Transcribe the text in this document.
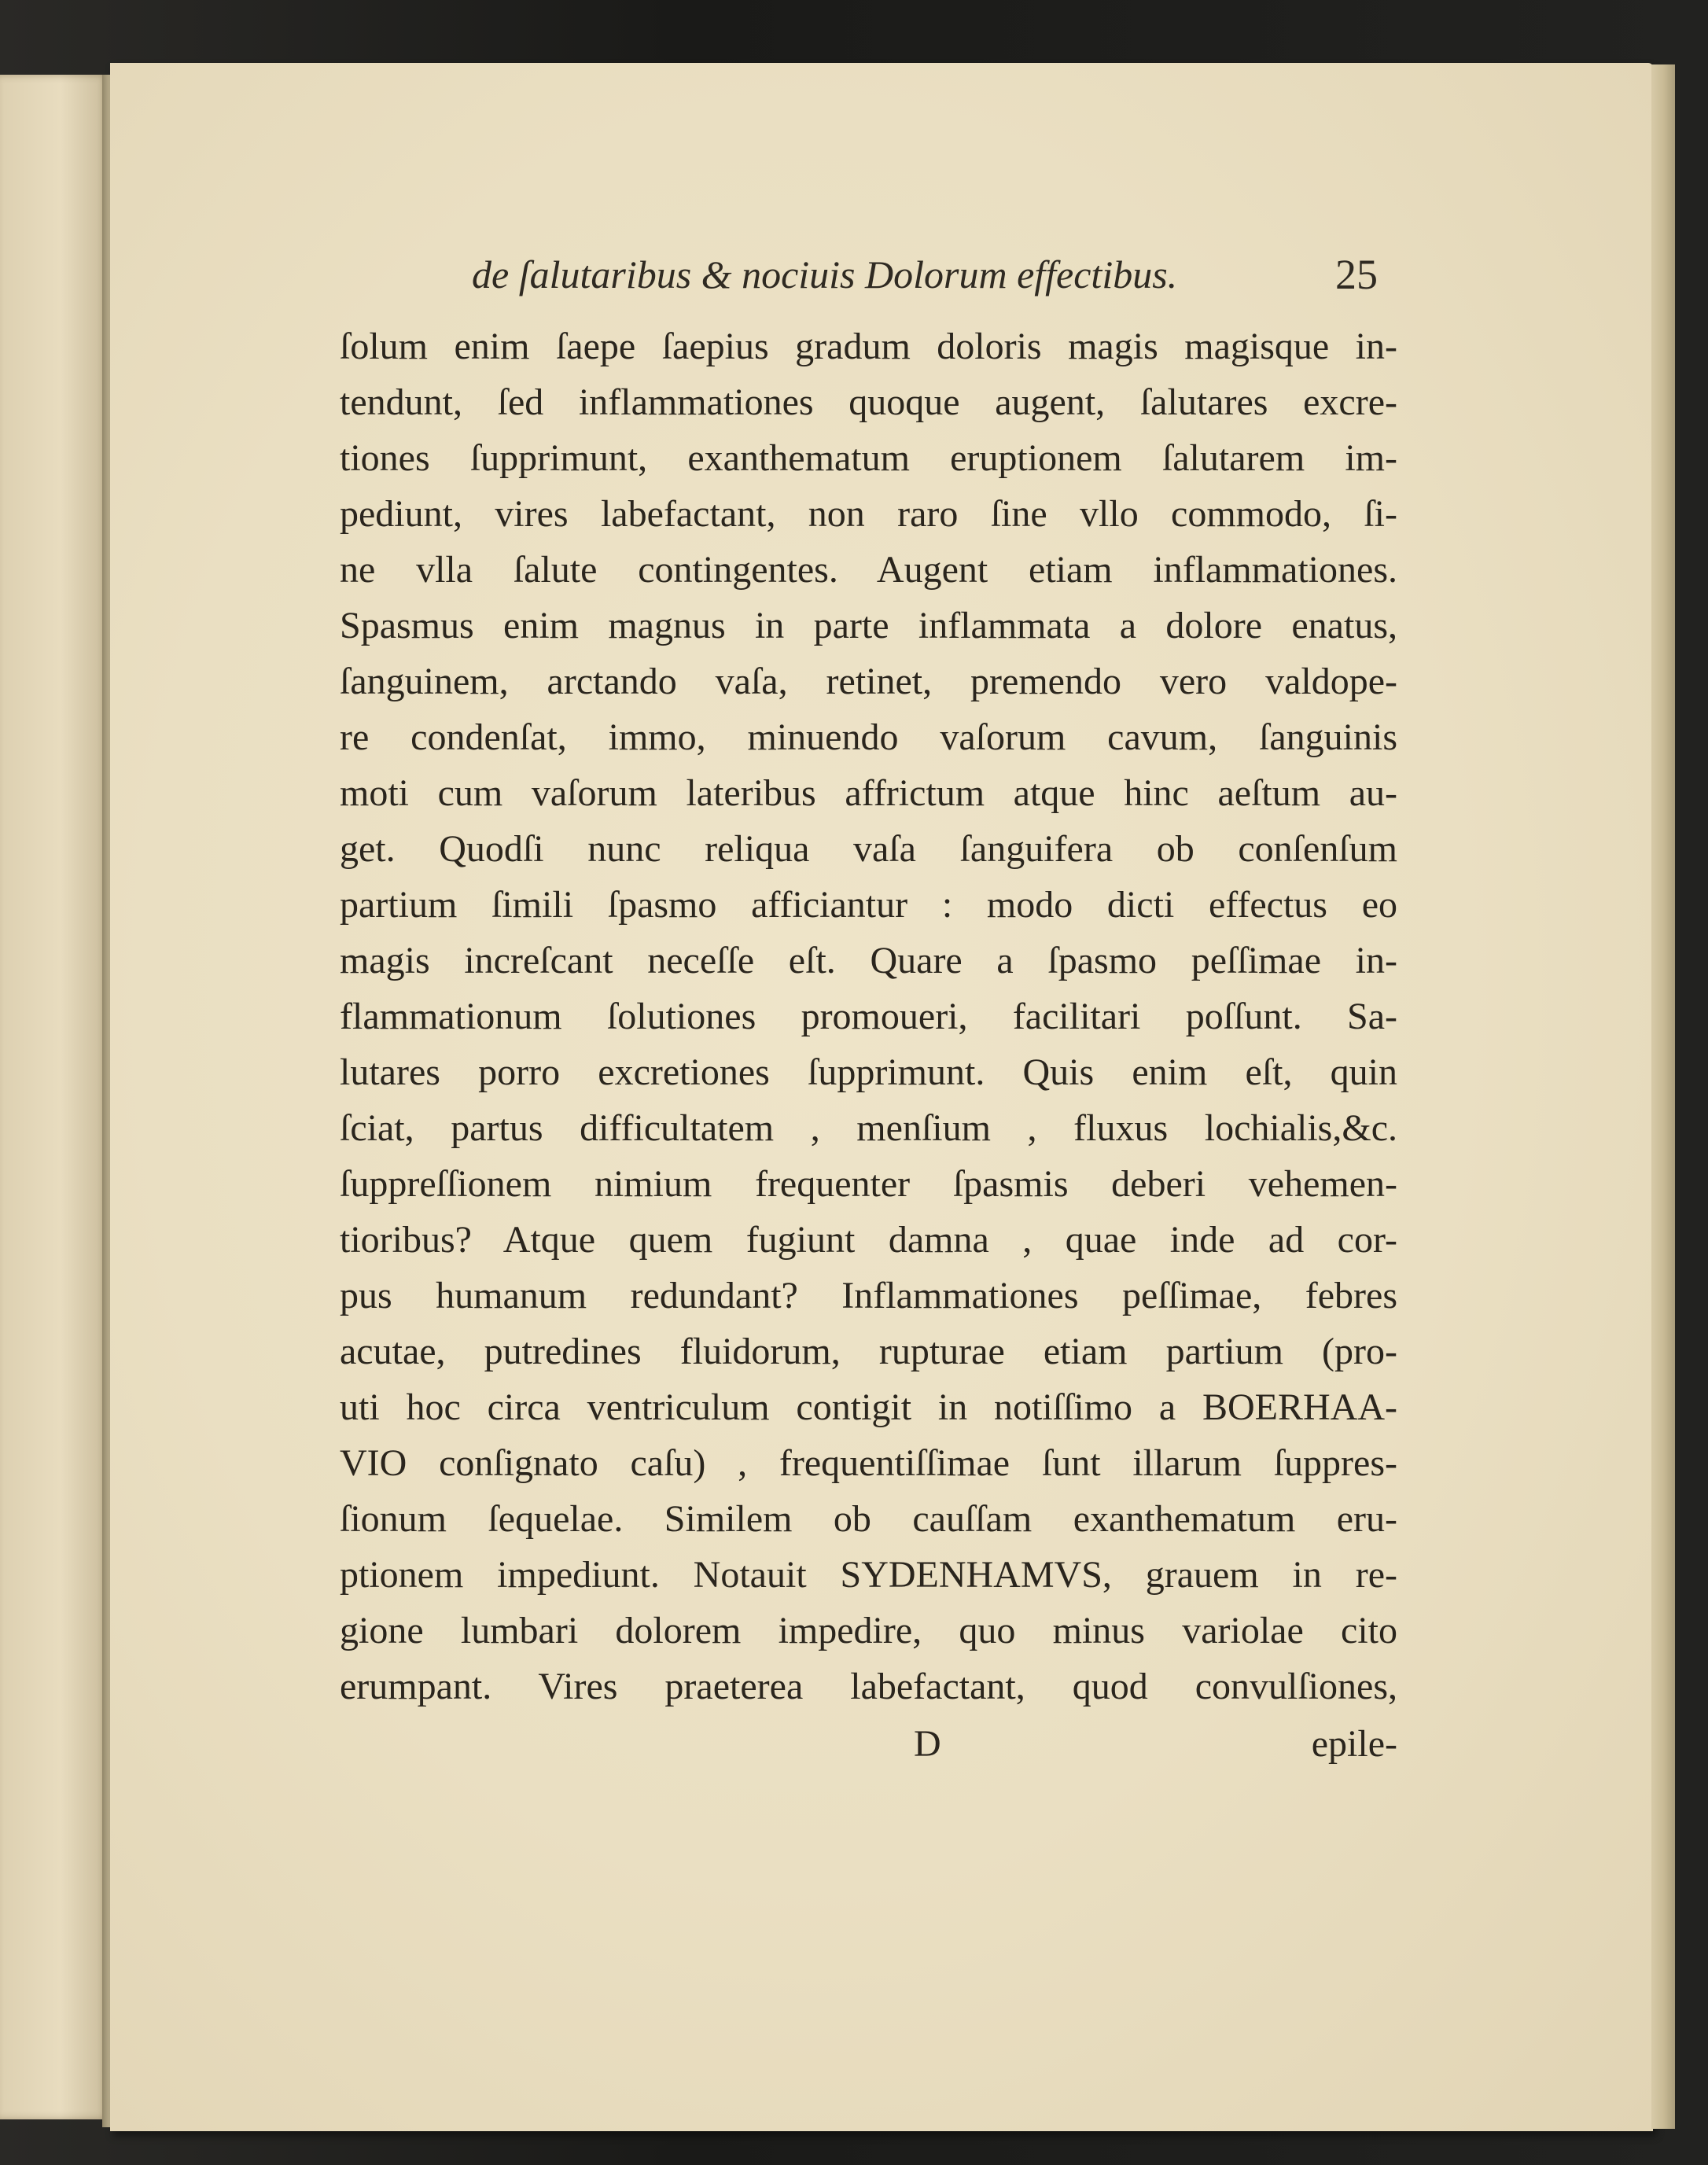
de ſalutaribus & nociuis Dolorum effectibus.	25
ſolum enim ſaepe ſaepius gradum doloris magis magisque in-
tendunt, ſed inflammationes quoque augent, ſalutares excre-
tiones ſupprimunt, exanthematum eruptionem ſalutarem im-
pediunt, vires labefactant, non raro ſine vllo commodo, ſi-
ne vlla ſalute contingentes. Augent etiam inflammationes.
Spasmus enim magnus in parte inflammata a dolore enatus,
ſanguinem, arctando vaſa, retinet, premendo vero valdope-
re condenſat, immo, minuendo vaſorum cavum, ſanguinis
moti cum vaſorum lateribus affrictum atque hinc aeſtum au-
get. Quodſi nunc reliqua vaſa ſanguifera ob conſenſum
partium ſimili ſpasmo afficiantur : modo dicti effectus eo
magis increſcant neceſſe eſt. Quare a ſpasmo peſſimae in-
flammationum ſolutiones promoueri, facilitari poſſunt. Sa-
lutares porro excretiones ſupprimunt. Quis enim eſt, quin
ſciat, partus difficultatem , menſium , fluxus lochialis,&c.
ſuppreſſionem nimium frequenter ſpasmis deberi vehemen-
tioribus? Atque quem fugiunt damna , quae inde ad cor-
pus humanum redundant? Inflammationes peſſimae, febres
acutae, putredines fluidorum, rupturae etiam partium (pro-
uti hoc circa ventriculum contigit in notiſſimo a BOERHAA-
VIO conſignato caſu) , frequentiſſimae ſunt illarum ſuppres-
ſionum ſequelae. Similem ob cauſſam exanthematum eru-
ptionem impediunt. Notauit SYDENHAMVS, grauem in re-
gione lumbari dolorem impedire, quo minus variolae cito
erumpant. Vires praeterea labefactant, quod convulſiones,
D	epile-
